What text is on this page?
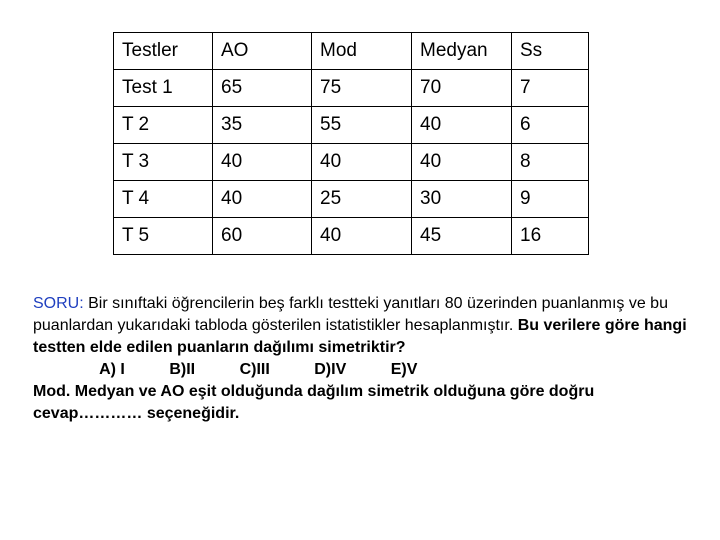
Testler	AO	Mod	Medyan	Ss
Test 1	65	75	70	7
T 2	35	55	40	6
T 3	40	40	40	8
T 4	40	25	30	9
T 5	60	40	45	16

SORU: Bir sınıftaki öğrencilerin beş farklı testteki yanıtları 80 üzerinden puanlanmış ve bu puanlardan yukarıdaki tabloda gösterilen istatistikler hesaplanmıştır. Bu verilere göre hangi testten elde edilen puanların dağılımı simetriktir?

A) I	B)II	C)III	D)IV	E)V

Mod. Medyan ve AO eşit olduğunda dağılım simetrik olduğuna göre doğru cevap………… seçeneğidir.
